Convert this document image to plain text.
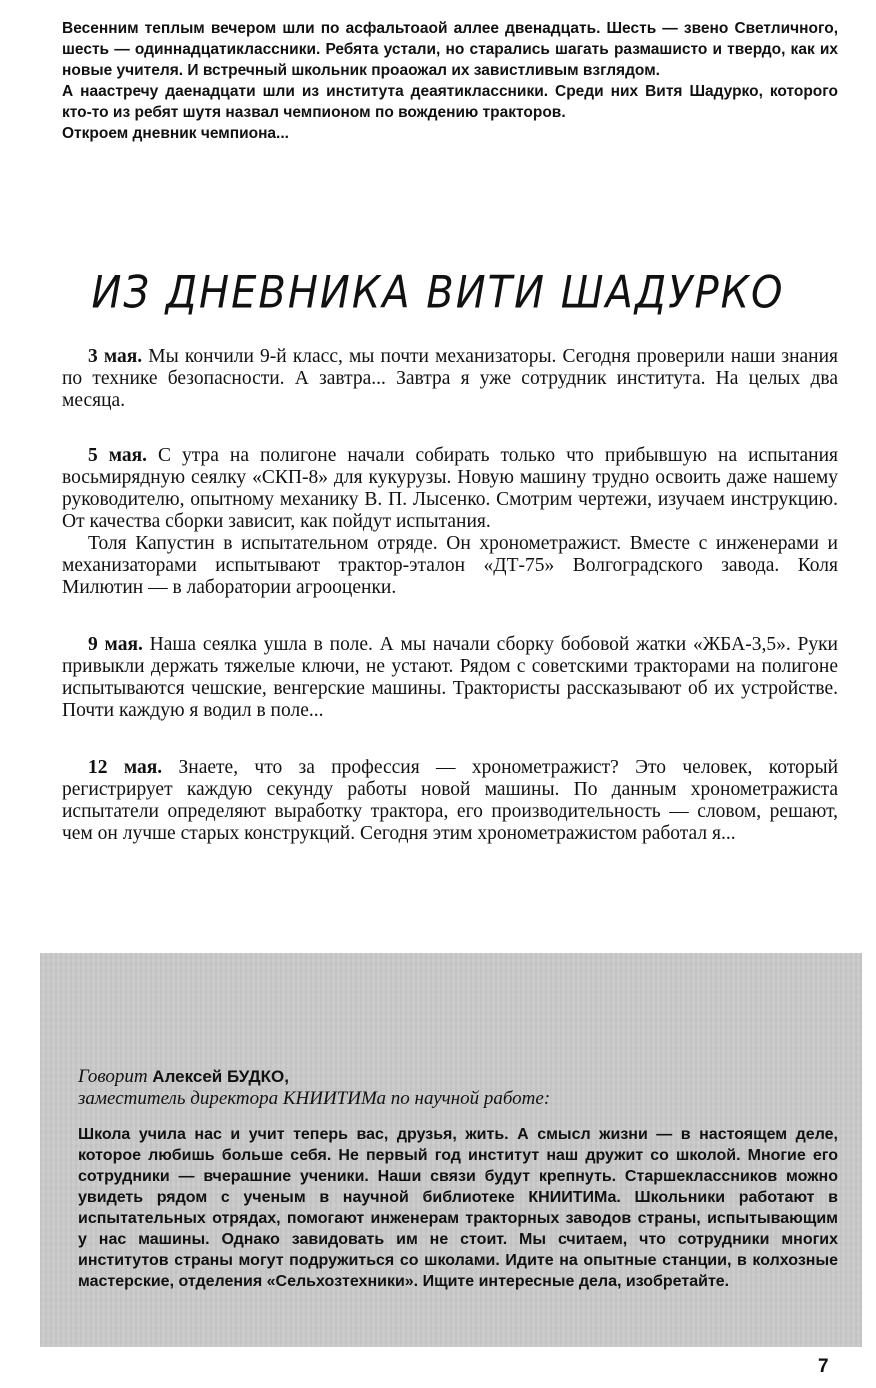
Весенним теплым вечером шли по асфальтоаой аллее двенадцать. Шесть — звено Светличного, шесть — одиннадцатиклассники. Ребята устали, но старались шагать размашисто и твердо, как их новые учителя. И встречный школьник проаожал их завистливым взглядом.

А наастречу даенадцати шли из института деаятиклассники. Среди них Витя Шадурко, которого кто-то из ребят шутя назвал чемпионом по вождению тракторов.

Откроем дневник чемпиона...

ИЗ ДНЕВНИКА ВИТИ ШАДУРКО

3 мая. Мы кончили 9-й класс, мы почти механизаторы. Сегодня проверили наши знания по технике безопасности. А завтра... Завтра я уже сотрудник института. На целых два месяца.

5 мая. С утра на полигоне начали собирать только что прибывшую на испытания восьмирядную сеялку «СКП-8» для кукурузы. Новую машину трудно освоить даже нашему руководителю, опытному механику В. П. Лысенко. Смотрим чертежи, изучаем инструкцию. От качества сборки зависит, как пойдут испытания.

Толя Капустин в испытательном отряде. Он хронометражист. Вместе с инженерами и механизаторами испытывают трактор-эталон «ДТ-75» Волгоградского завода. Коля Милютин — в лаборатории агрооценки.

9 мая. Наша сеялка ушла в поле. А мы начали сборку бобовой жатки «ЖБА-3,5». Руки привыкли держать тяжелые ключи, не устают. Рядом с советскими тракторами на полигоне испытываются чешские, венгерские машины. Трактористы рассказывают об их устройстве. Почти каждую я водил в поле...

12 мая. Знаете, что за профессия — хронометражист? Это человек, который регистрирует каждую секунду работы новой машины. По данным хронометражиста испытатели определяют выработку трактора, его производительность — словом, решают, чем он лучше старых конструкций. Сегодня этим хронометражистом работал я...

Говорит Алексей БУДКО,
заместитель директора КНИИТИМа по научной работе:

Школа учила нас и учит теперь вас, друзья, жить. А смысл жизни — в настоящем деле, которое любишь больше себя. Не первый год институт наш дружит со школой. Многие его сотрудники — вчерашние ученики. Наши связи будут крепнуть. Старшеклассников можно увидеть рядом с ученым в научной библиотеке КНИИТИМа. Школьники работают в испытательных отрядах, помогают инженерам тракторных заводов страны, испытывающим у нас машины. Однако завидовать им не стоит. Мы считаем, что сотрудники многих институтов страны могут подружиться со школами. Идите на опытные станции, в колхозные мастерские, отделения «Сельхозтехники». Ищите интересные дела, изобретайте.

7
